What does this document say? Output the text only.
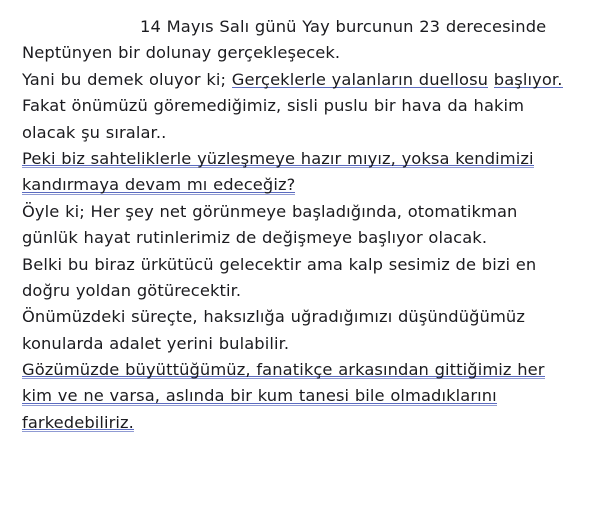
14 Mayıs Salı günü Yay burcunun 23 derecesinde Neptünyen bir dolunay gerçekleşecek.

Yani bu demek oluyor ki; Gerçeklerle yalanların duellosu başlıyor.

Fakat önümüzü göremediğimiz, sisli puslu bir hava da hakim olacak şu sıralar..

Peki biz sahteliklerle yüzleşmeye hazır mıyız, yoksa kendimizi kandırmaya devam mı edeceğiz?

Öyle ki; Her şey net görünmeye başladığında, otomatikman günlük hayat rutinlerimiz de değişmeye başlıyor olacak.

Belki bu biraz ürkütücü gelecektir ama kalp sesimiz de bizi en doğru yoldan götürecektir.

Önümüzdeki süreçte, haksızlığa uğradığımızı düşündüğümüz konularda adalet yerini bulabilir.

Gözümüzde büyüttüğümüz, fanatikçe arkasından gittiğimiz her kim ve ne varsa, aslında bir kum tanesi bile olmadıklarını farkedebiliriz.
